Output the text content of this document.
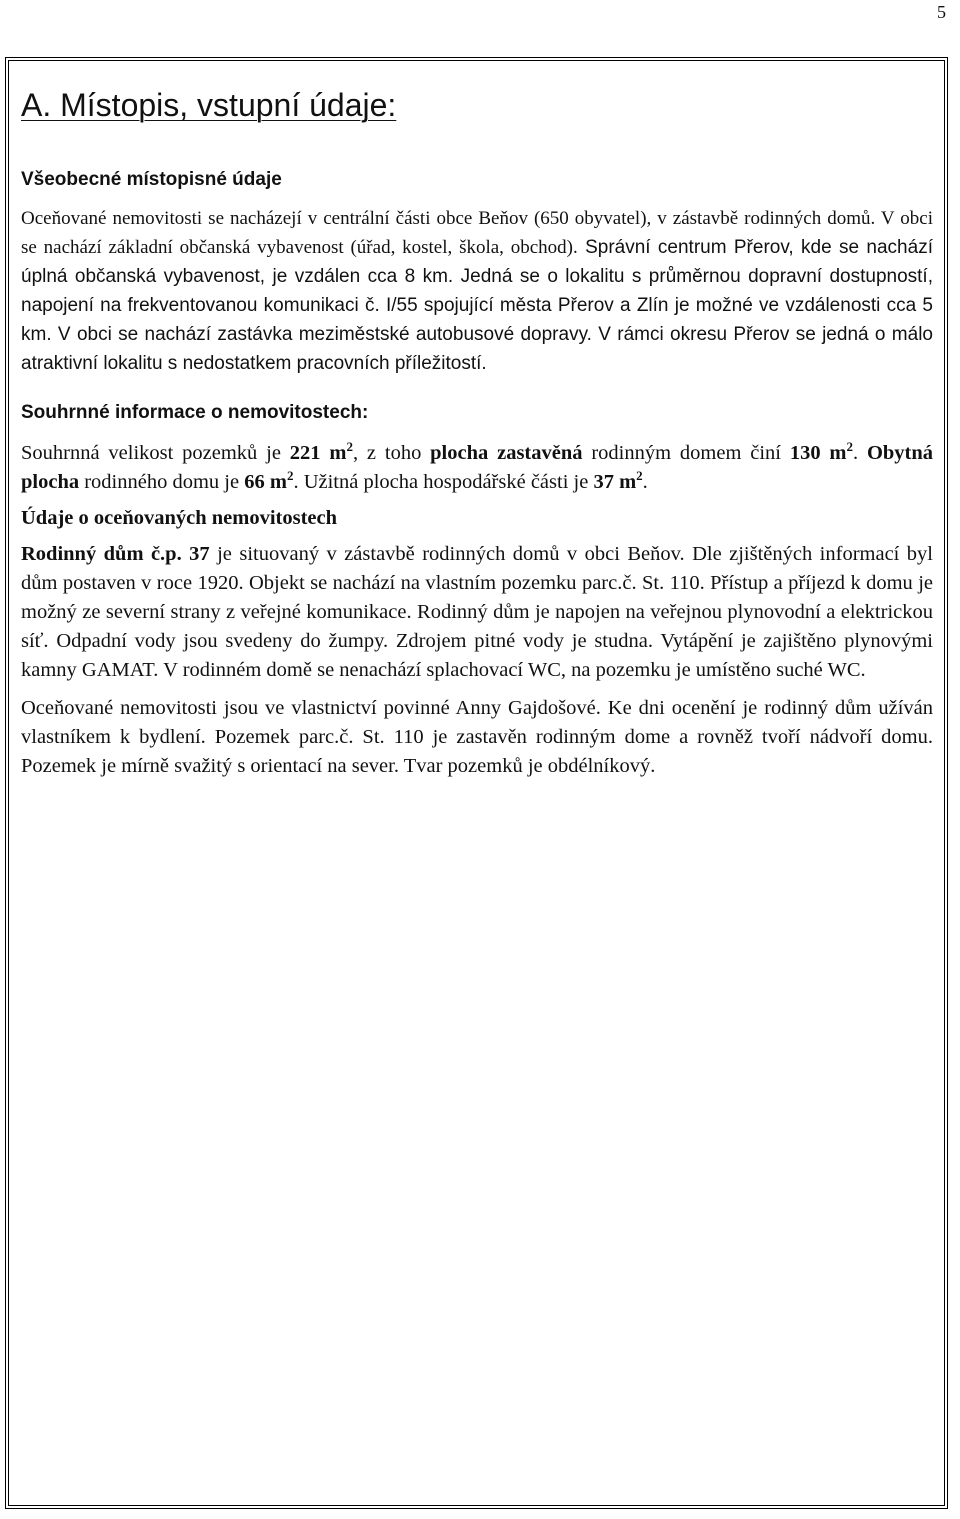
5
A. Místopis, vstupní údaje:
Všeobecné místopisné údaje

Oceňované nemovitosti se nacházejí v centrální části obce Beňov (650 obyvatel), v zástavbě rodinných domů. V obci se nachází základní občanská vybavenost (úřad, kostel, škola, obchod). Správní centrum Přerov, kde se nachází úplná občanská vybavenost, je vzdálen cca 8 km. Jedná se o lokalitu s průměrnou dopravní dostupností, napojení na frekventovanou komunikaci č. I/55 spojující města Přerov a Zlín je možné ve vzdálenosti cca 5 km. V obci se nachází zastávka meziměstské autobusové dopravy. V rámci okresu Přerov se jedná o málo atraktivní lokalitu s nedostatkem pracovních příležitostí.

Souhrnné informace o nemovitostech:

Souhrnná velikost pozemků je 221 $m^2$, z toho plocha zastavěná rodinným domem činí 130 $m^2$. Obytná plocha rodinného domu je 66 $m^2$. Užitná plocha hospodářské části je 37 $m^2$.

Údaje o oceňovaných nemovitostech

Rodinný dům č.p. 37 je situovaný v zástavbě rodinných domů v obci Beňov. Dle zjištěných informací byl dům postaven v roce 1920. Objekt se nachází na vlastním pozemku parc.č. St. 110. Přístup a příjezd k domu je možný ze severní strany z veřejné komunikace. Rodinný dům je napojen na veřejnou plynovodní a elektrickou síť. Odpadní vody jsou svedeny do žumpy. Zdrojem pitné vody je studna. Vytápění je zajištěno plynovými kamny GAMAT. V rodinném domě se nenachází splachovací WC, na pozemku je umístěno suché WC.

Oceňované nemovitosti jsou ve vlastnictví povinné Anny Gajdošové. Ke dni ocenění je rodinný dům užíván vlastníkem k bydlení. Pozemek parc.č. St. 110 je zastavěn rodinným dome a rovněž tvoří nádvoří domu. Pozemek je mírně svažitý s orientací na sever. Tvar pozemků je obdélníkový.
